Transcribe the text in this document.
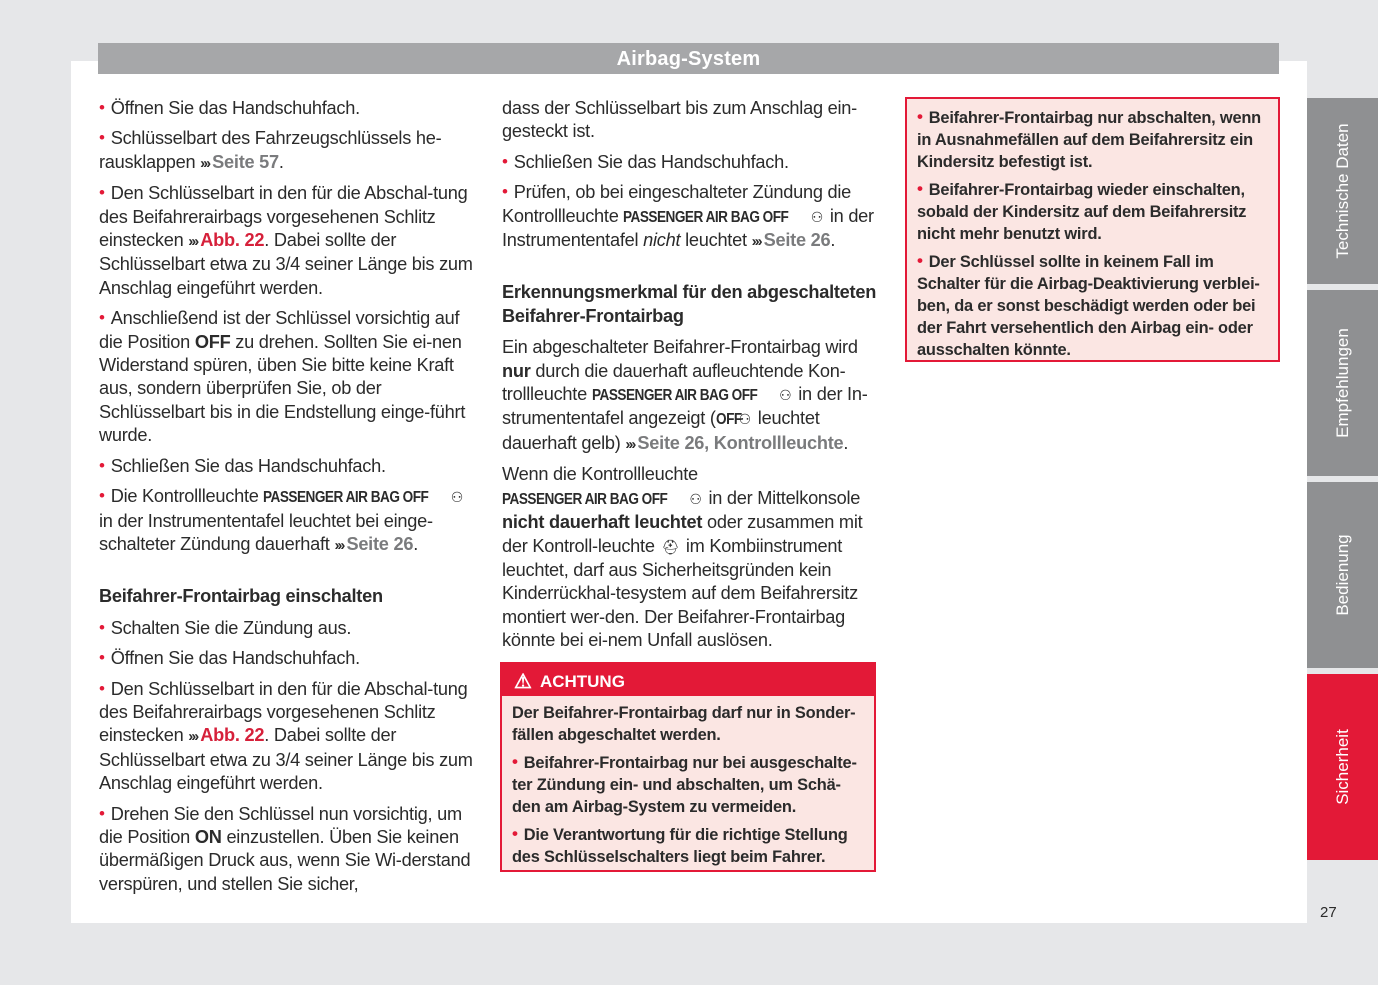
Airbag-System

• Öffnen Sie das Handschuhfach.

• Schlüsselbart des Fahrzeugschlüssels he-rausklappen ››› Seite 57.

• Den Schlüsselbart in den für die Abschal-tung des Beifahrerairbags vorgesehenen Schlitz einstecken ››› Abb. 22. Dabei sollte der Schlüsselbart etwa zu 3/4 seiner Länge bis zum Anschlag eingeführt werden.

• Anschließend ist der Schlüssel vorsichtig auf die Position OFF zu drehen. Sollten Sie ei-nen Widerstand spüren, üben Sie bitte keine Kraft aus, sondern überprüfen Sie, ob der Schlüsselbart bis in die Endstellung einge-führt wurde.

• Schließen Sie das Handschuhfach.

• Die Kontrollleuchte PASSENGER AIR BAG OFF ⚇ in der Instrumententafel leuchtet bei einge-schalteter Zündung dauerhaft ››› Seite 26.

Beifahrer-Frontairbag einschalten

• Schalten Sie die Zündung aus.

• Öffnen Sie das Handschuhfach.

• Den Schlüsselbart in den für die Abschal-tung des Beifahrerairbags vorgesehenen Schlitz einstecken ››› Abb. 22. Dabei sollte der Schlüsselbart etwa zu 3/4 seiner Länge bis zum Anschlag eingeführt werden.

• Drehen Sie den Schlüssel nun vorsichtig, um die Position ON einzustellen. Üben Sie keinen übermäßigen Druck aus, wenn Sie Wi-derstand verspüren, und stellen Sie sicher,

dass der Schlüsselbart bis zum Anschlag ein-gesteckt ist.

• Schließen Sie das Handschuhfach.

• Prüfen, ob bei eingeschalteter Zündung die Kontrollleuchte PASSENGER AIR BAG OFF ⚇ in der Instrumententafel nicht leuchtet ››› Seite 26.

Erkennungsmerkmal für den abgeschalteten Beifahrer-Frontairbag

Ein abgeschalteter Beifahrer-Frontairbag wird nur durch die dauerhaft aufleuchtende Kon-trollleuchte PASSENGER AIR BAG OFF ⚇ in der In-strumententafel angezeigt (OFF ⚇ leuchtet dauerhaft gelb) ››› Seite 26, Kontrollleuchte.

Wenn die Kontrollleuchte PASSENGER AIR BAG OFF ⚇ in der Mittelkonsole nicht dauerhaft leuchtet oder zusammen mit der Kontroll-leuchte ⛑ im Kombiinstrument leuchtet, darf aus Sicherheitsgründen kein Kinderrückhal-tesystem auf dem Beifahrersitz montiert wer-den. Der Beifahrer-Frontairbag könnte bei ei-nem Unfall auslösen.

⚠ ACHTUNG

Der Beifahrer-Frontairbag darf nur in Sonder-fällen abgeschaltet werden.

• Beifahrer-Frontairbag nur bei ausgeschalte-ter Zündung ein- und abschalten, um Schä-den am Airbag-System zu vermeiden.

• Die Verantwortung für die richtige Stellung des Schlüsselschalters liegt beim Fahrer.

• Beifahrer-Frontairbag nur abschalten, wenn in Ausnahmefällen auf dem Beifahrersitz ein Kindersitz befestigt ist.

• Beifahrer-Frontairbag wieder einschalten, sobald der Kindersitz auf dem Beifahrersitz nicht mehr benutzt wird.

• Der Schlüssel sollte in keinem Fall im Schalter für die Airbag-Deaktivierung verblei-ben, da er sonst beschädigt werden oder bei der Fahrt versehentlich den Airbag ein- oder ausschalten könnte.

Technische Daten
Empfehlungen
Bedienung
Sicherheit
27
